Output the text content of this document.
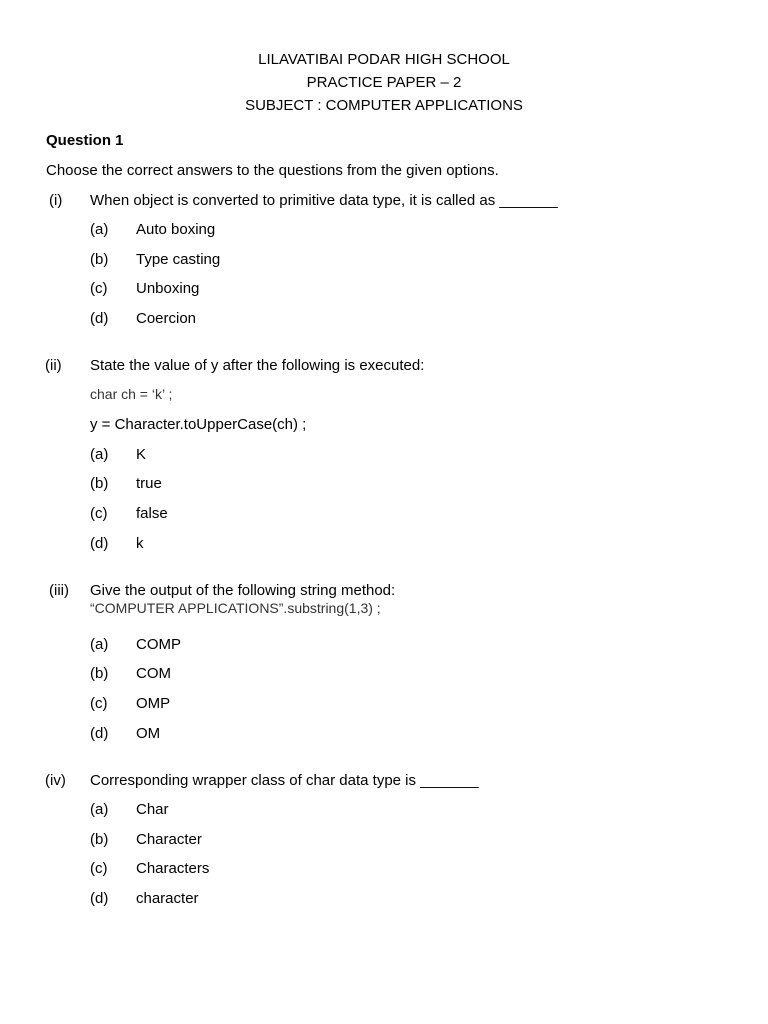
LILAVATIBAI PODAR HIGH SCHOOL
PRACTICE PAPER – 2
SUBJECT : COMPUTER APPLICATIONS
Question 1
Choose the correct answers to the questions from the given options.
(i) When object is converted to primitive data type, it is called as _______
(a) Auto boxing
(b) Type casting
(c) Unboxing
(d) Coercion
(ii) State the value of y after the following is executed:
char ch = ‘k’ ;
y = Character.toUpperCase(ch) ;
(a) K
(b) true
(c) false
(d) k
(iii) Give the output of the following string method:
“COMPUTER APPLICATIONS”.substring(1,3) ;
(a) COMP
(b) COM
(c) OMP
(d) OM
(iv) Corresponding wrapper class of char data type is _______
(a) Char
(b) Character
(c) Characters
(d) character
